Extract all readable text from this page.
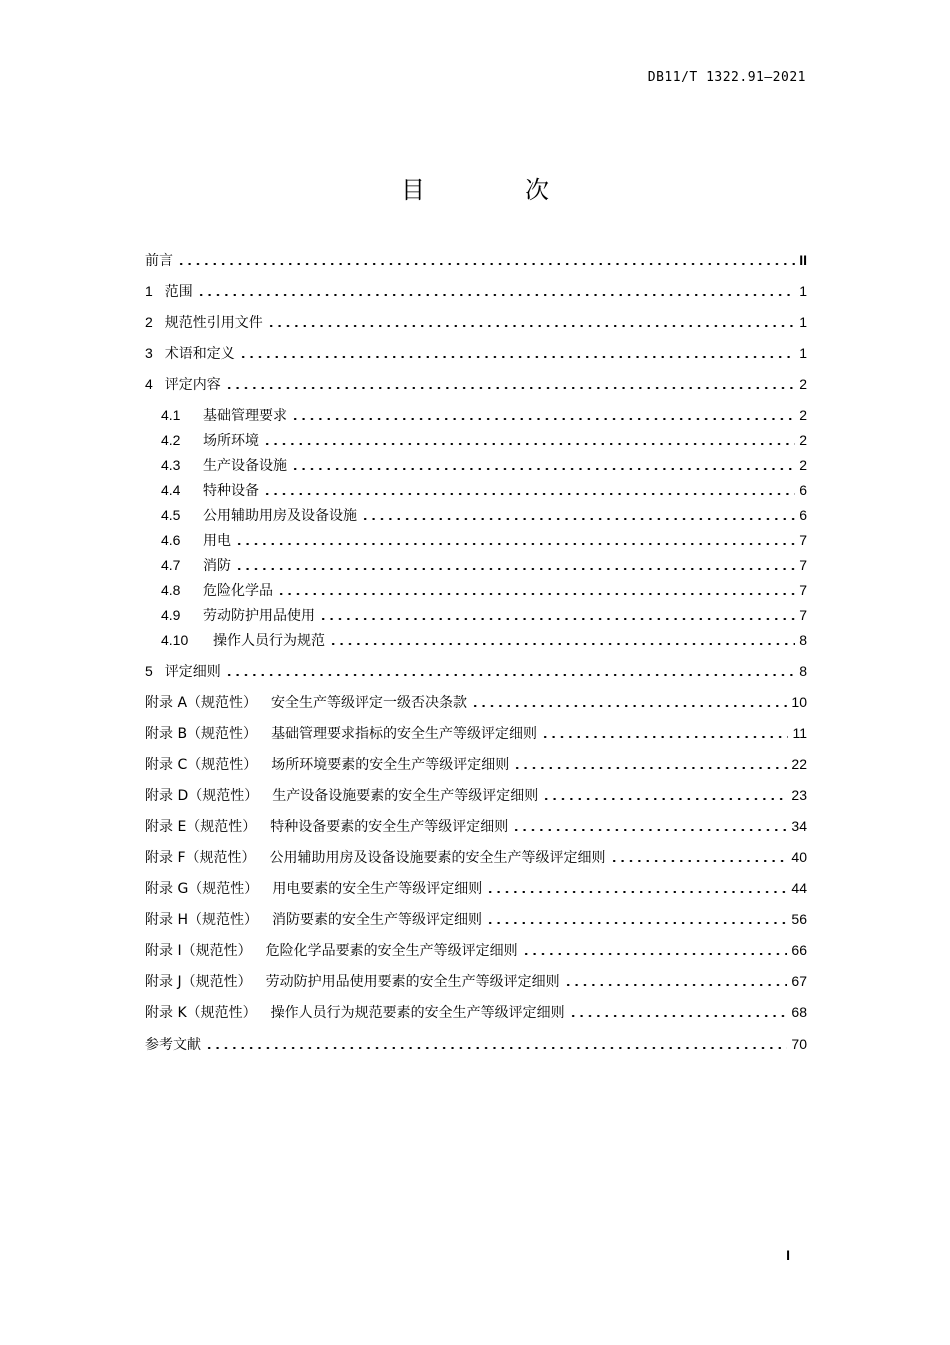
DB11/T 1322.91—2021
目　次
前言	II
1 范围	1
2 规范性引用文件	1
3 术语和定义	1
4 评定内容	2
4.1	基础管理要求	2
4.2	场所环境	2
4.3	生产设备设施	2
4.4	特种设备	6
4.5	公用辅助用房及设备设施	6
4.6	用电	7
4.7	消防	7
4.8	危险化学品	7
4.9	劳动防护用品使用	7
4.10	操作人员行为规范	8
5 评定细则	8
附录 A（规范性） 安全生产等级评定一级否决条款	10
附录 B（规范性） 基础管理要求指标的安全生产等级评定细则	11
附录 C（规范性） 场所环境要素的安全生产等级评定细则	22
附录 D（规范性） 生产设备设施要素的安全生产等级评定细则	23
附录 E（规范性） 特种设备要素的安全生产等级评定细则	34
附录 F（规范性） 公用辅助用房及设备设施要素的安全生产等级评定细则	40
附录 G（规范性） 用电要素的安全生产等级评定细则	44
附录 H（规范性） 消防要素的安全生产等级评定细则	56
附录 I（规范性） 危险化学品要素的安全生产等级评定细则	66
附录 J（规范性） 劳动防护用品使用要素的安全生产等级评定细则	67
附录 K（规范性） 操作人员行为规范要素的安全生产等级评定细则	68
参考文献	70
I
